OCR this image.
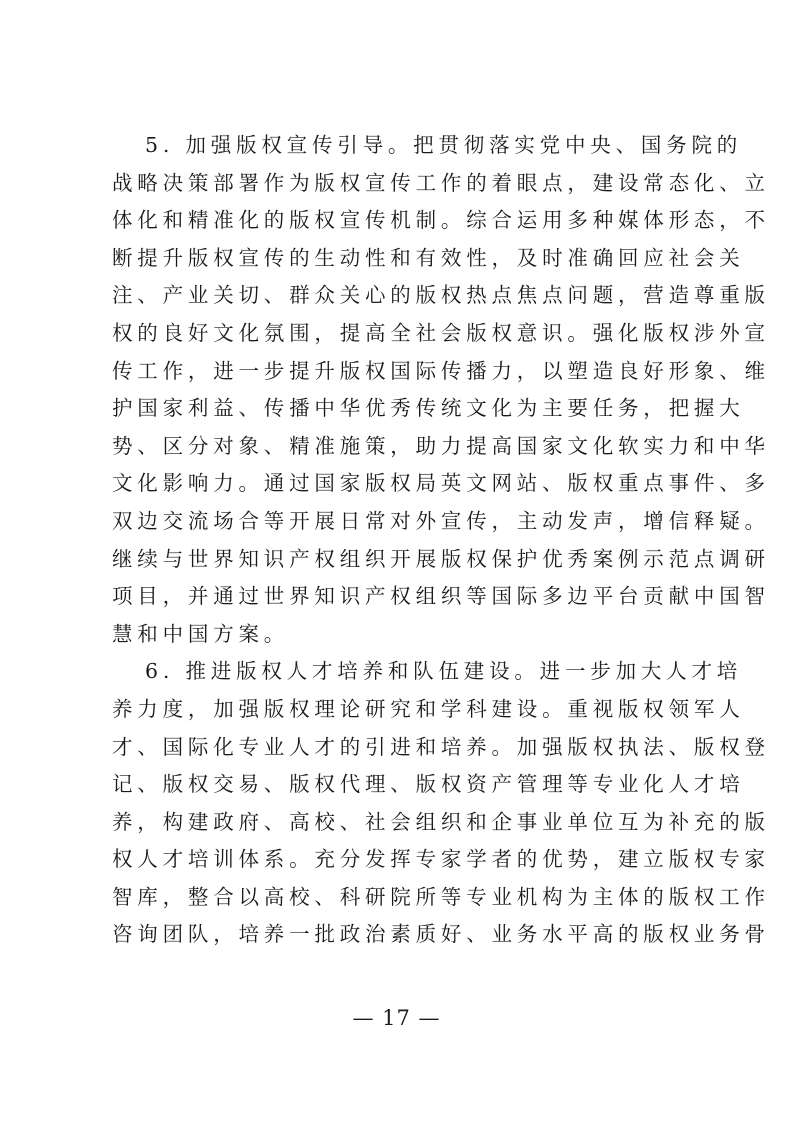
5. 加强版权宣传引导。把贯彻落实党中央、国务院的
战略决策部署作为版权宣传工作的着眼点，建设常态化、立
体化和精准化的版权宣传机制。综合运用多种媒体形态，不
断提升版权宣传的生动性和有效性，及时准确回应社会关
注、产业关切、群众关心的版权热点焦点问题，营造尊重版
权的良好文化氛围，提高全社会版权意识。强化版权涉外宣
传工作，进一步提升版权国际传播力，以塑造良好形象、维
护国家利益、传播中华优秀传统文化为主要任务，把握大
势、区分对象、精准施策，助力提高国家文化软实力和中华
文化影响力。通过国家版权局英文网站、版权重点事件、多
双边交流场合等开展日常对外宣传，主动发声，增信释疑。
继续与世界知识产权组织开展版权保护优秀案例示范点调研
项目，并通过世界知识产权组织等国际多边平台贡献中国智
慧和中国方案。
6. 推进版权人才培养和队伍建设。进一步加大人才培
养力度，加强版权理论研究和学科建设。重视版权领军人
才、国际化专业人才的引进和培养。加强版权执法、版权登
记、版权交易、版权代理、版权资产管理等专业化人才培
养，构建政府、高校、社会组织和企事业单位互为补充的版
权人才培训体系。充分发挥专家学者的优势，建立版权专家
智库，整合以高校、科研院所等专业机构为主体的版权工作
咨询团队，培养一批政治素质好、业务水平高的版权业务骨
— 17 —
